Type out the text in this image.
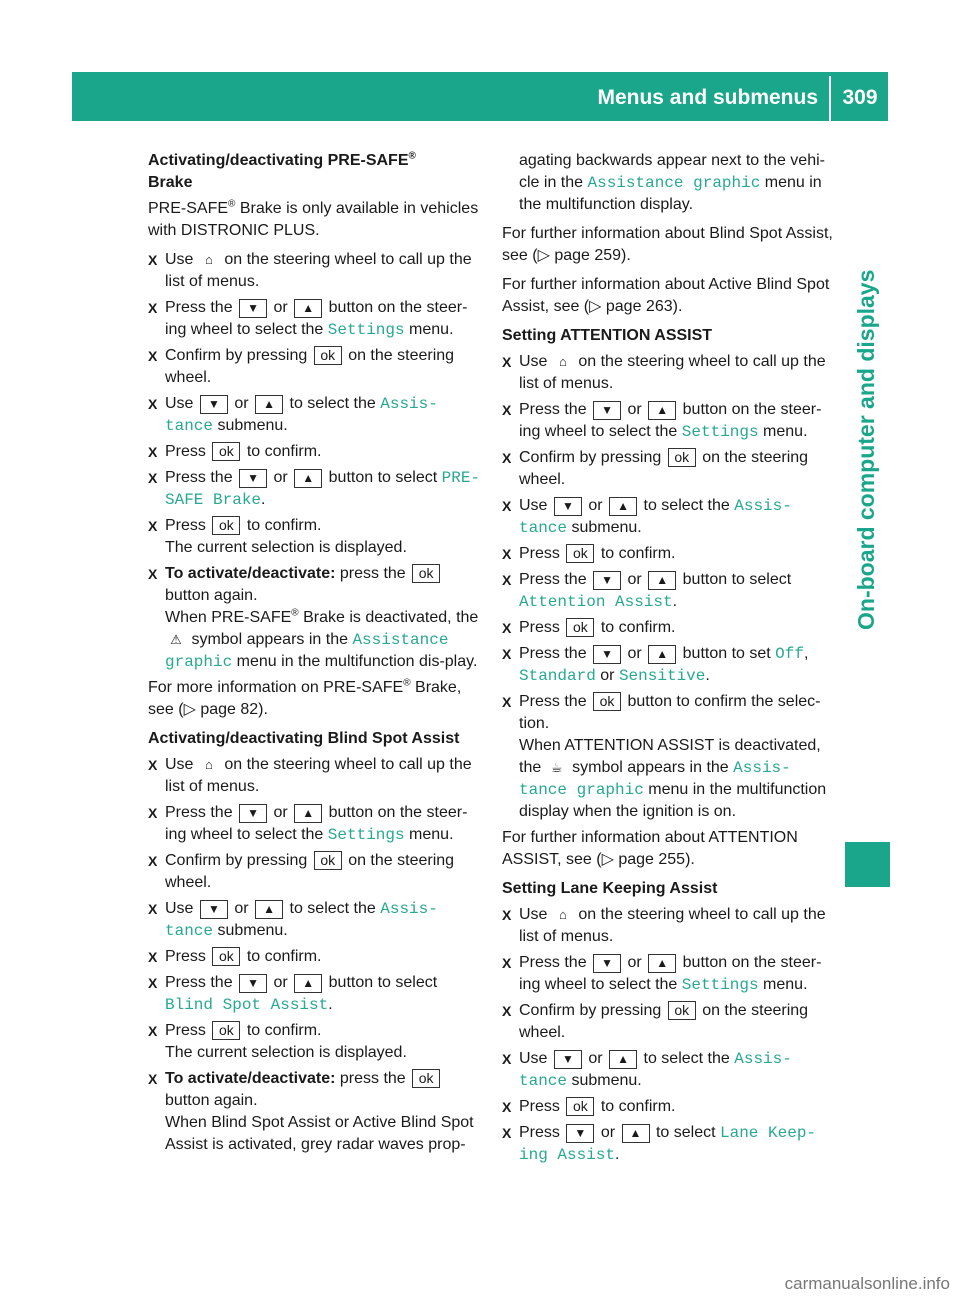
Menus and submenus	309
On-board computer and displays
Activating/deactivating PRE-SAFE®
Brake

PRE-SAFE® Brake is only available in vehicles with DISTRONIC PLUS.

X Use ⌂ on the steering wheel to call up the list of menus.
X Press the ▼ or ▲ button on the steer-ing wheel to select the Settings menu.
X Confirm by pressing ok on the steering wheel.
X Use ▼ or ▲ to select the Assis‐tance submenu.
X Press ok to confirm.
X Press the ▼ or ▲ button to select PRE-SAFE Brake.
X Press ok to confirm.
The current selection is displayed.
X To activate/deactivate: press the ok button again.
When PRE-SAFE® Brake is deactivated, the ⚠ symbol appears in the Assistance graphic menu in the multifunction dis-play.

For more information on PRE-SAFE® Brake, see (▷ page 82).

Activating/deactivating Blind Spot Assist
X Use ⌂ on the steering wheel to call up the list of menus.
X Press the ▼ or ▲ button on the steer-ing wheel to select the Settings menu.
X Confirm by pressing ok on the steering wheel.
X Use ▼ or ▲ to select the Assis‐tance submenu.
X Press ok to confirm.
X Press the ▼ or ▲ button to select Blind Spot Assist.
X Press ok to confirm.
The current selection is displayed.
X To activate/deactivate: press the ok button again.
When Blind Spot Assist or Active Blind Spot Assist is activated, grey radar waves prop-

agating backwards appear next to the vehi-cle in the Assistance graphic menu in the multifunction display.

For further information about Blind Spot Assist, see (▷ page 259).

For further information about Active Blind Spot Assist, see (▷ page 263).

Setting ATTENTION ASSIST
X Use ⌂ on the steering wheel to call up the list of menus.
X Press the ▼ or ▲ button on the steer-ing wheel to select the Settings menu.
X Confirm by pressing ok on the steering wheel.
X Use ▼ or ▲ to select the Assis‐tance submenu.
X Press ok to confirm.
X Press the ▼ or ▲ button to select Attention Assist.
X Press ok to confirm.
X Press the ▼ or ▲ button to set Off, Standard or Sensitive.
X Press the ok button to confirm the selec-tion.
When ATTENTION ASSIST is deactivated, the ☕ symbol appears in the Assis‐tance graphic menu in the multifunction display when the ignition is on.

For further information about ATTENTION ASSIST, see (▷ page 255).

Setting Lane Keeping Assist
X Use ⌂ on the steering wheel to call up the list of menus.
X Press the ▼ or ▲ button on the steer-ing wheel to select the Settings menu.
X Confirm by pressing ok on the steering wheel.
X Use ▼ or ▲ to select the Assis‐tance submenu.
X Press ok to confirm.
X Press ▼ or ▲ to select Lane Keep‐ing Assist.
carmanualsonline.info
